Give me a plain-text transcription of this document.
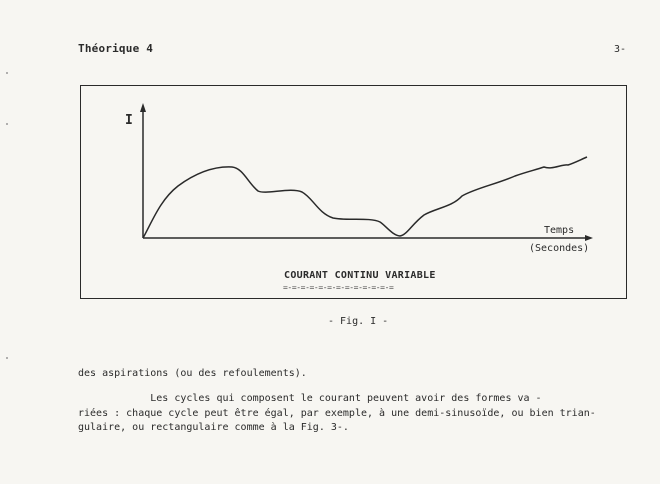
Théorique 4	3-
I
Temps
(Secondes)
COURANT CONTINU VARIABLE
=-=-=-=-=-=-=-=-=-=-=-=-=
- Fig. I -
des aspirations (ou des refoulements).
Les cycles qui composent le courant peuvent avoir des formes va -
riées : chaque cycle peut être égal, par exemple, à une demi-sinusoïde, ou bien trian-
gulaire, ou rectangulaire comme à la Fig. 3-.
